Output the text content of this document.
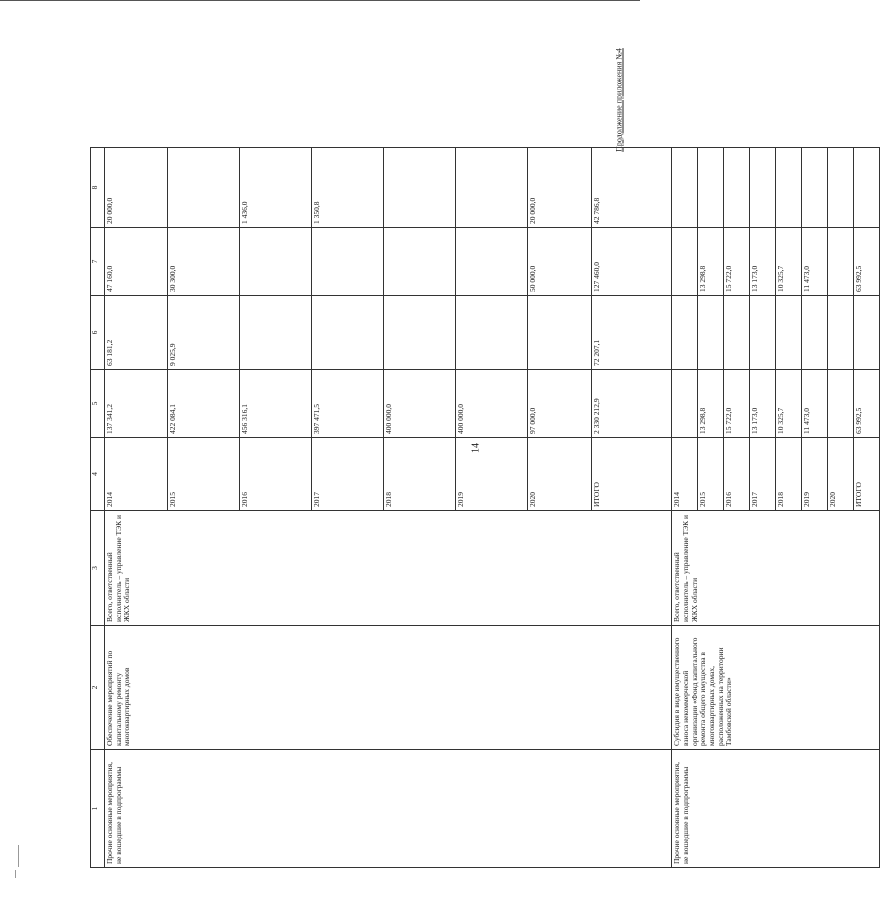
14
Продолжение приложения №4
1	2	3	4	5	6	7	8	
Прочие основные мероприятия, не вошедшие в подпрограммы	Обеспечение мероприятий по капитальному ремонту многоквартирных домов	Всего, ответственный исполнитель – управление ТЭК и ЖКХ области	2014	137 341,2	63 181,2	47 160,0	20 000,0	
			2015	422 084,1	9 025,9	30 300,0		
			2016	456 316,1			1 436,0	
			2017	397 471,5			1 350,8	
			2018	400 000,0				
			2019	400 000,0				
			2020	97 000,0		50 000,0	20 000,0	
			ИТОГО	2 330 212,9	72 207,1	127 460,0	42 786,8	
Прочие основные мероприятия, не вошедшие в подпрограммы	Субсидия в виде имущественного взноса некоммерческой организации «Фонд капитального ремонта общего имущества в многоквартирных домах, расположенных на территории Тамбовской области»	Всего, ответственный исполнитель – управление ТЭК и ЖКХ области	2014					
			2015	13 298,8		13 298,8		
			2016	15 722,0		15 722,0		
			2017	13 173,0		13 173,0		
			2018	10 325,7		10 325,7		
			2019	11 473,0		11 473,0		
			2020					
			ИТОГО	63 992,5		63 992,5		
